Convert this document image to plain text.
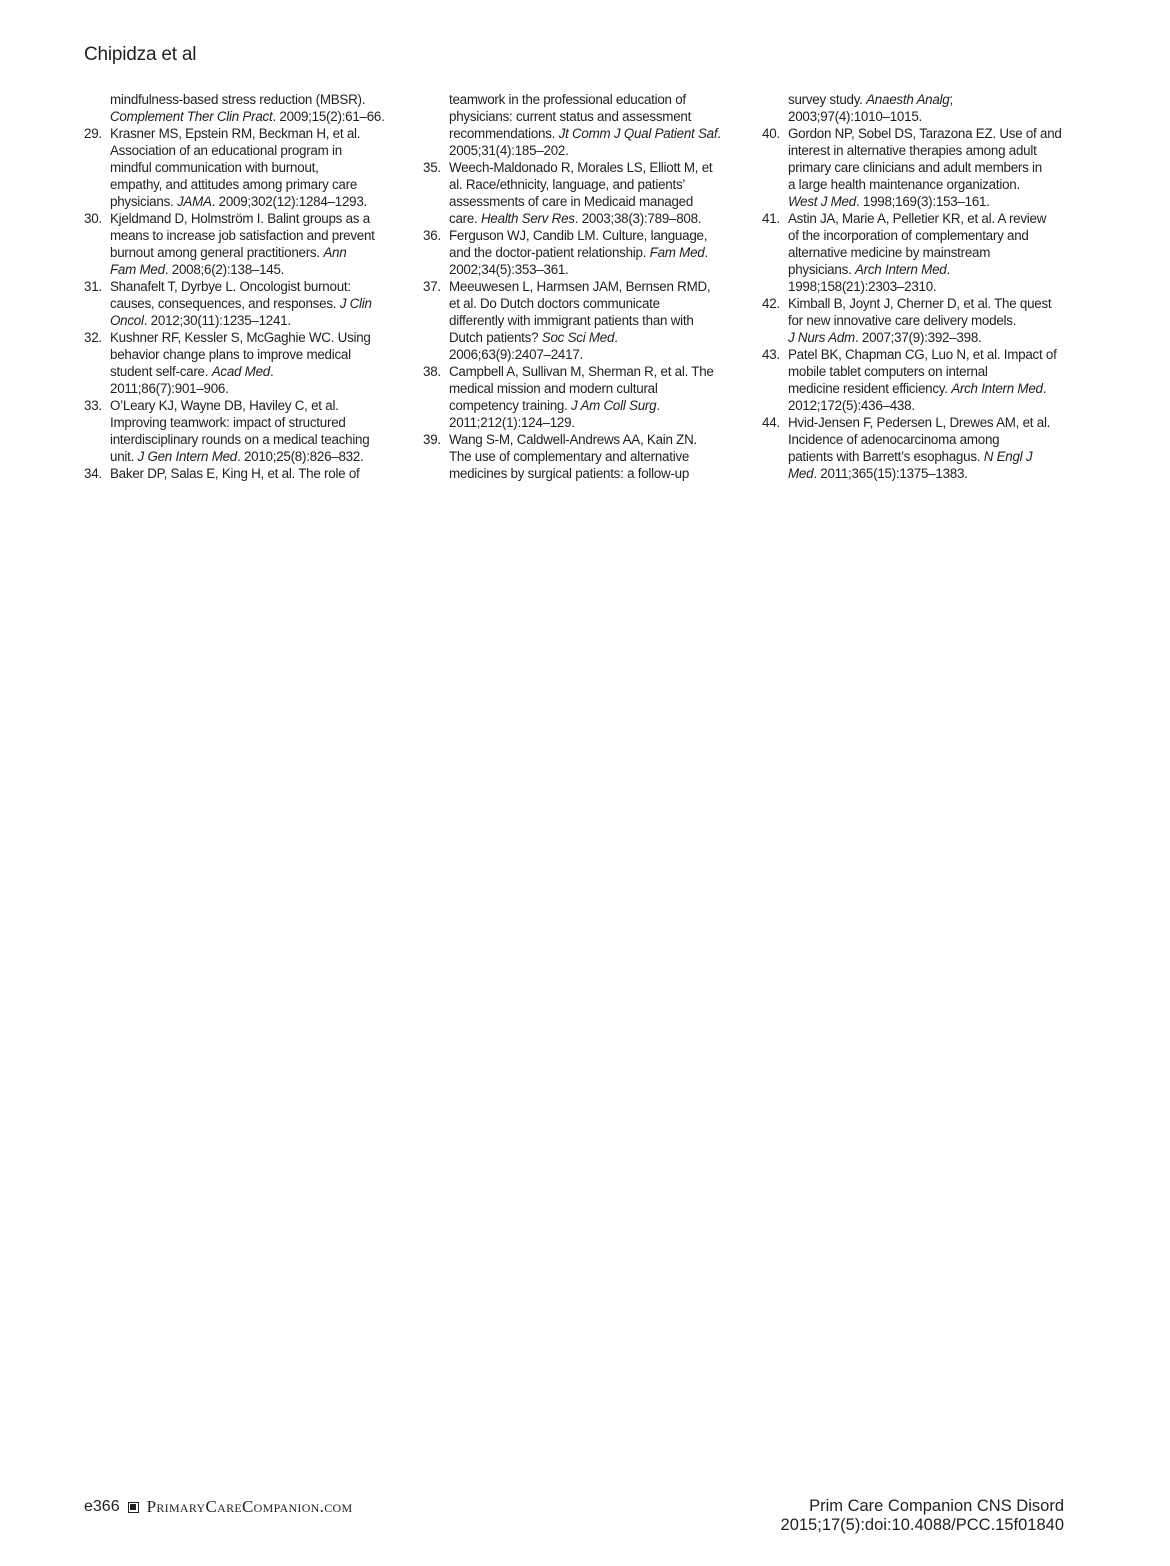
Chipidza et al
mindfulness-based stress reduction (MBSR).
Complement Ther Clin Pract. 2009;15(2):61–66.
29. Krasner MS, Epstein RM, Beckman H, et al.
Association of an educational program in
mindful communication with burnout,
empathy, and attitudes among primary care
physicians. JAMA. 2009;302(12):1284–1293.
30. Kjeldmand D, Holmström I. Balint groups as a
means to increase job satisfaction and prevent
burnout among general practitioners. Ann
Fam Med. 2008;6(2):138–145.
31. Shanafelt T, Dyrbye L. Oncologist burnout:
causes, consequences, and responses. J Clin
Oncol. 2012;30(11):1235–1241.
32. Kushner RF, Kessler S, McGaghie WC. Using
behavior change plans to improve medical
student self-care. Acad Med.
2011;86(7):901–906.
33. O’Leary KJ, Wayne DB, Haviley C, et al.
Improving teamwork: impact of structured
interdisciplinary rounds on a medical teaching
unit. J Gen Intern Med. 2010;25(8):826–832.
34. Baker DP, Salas E, King H, et al. The role of
teamwork in the professional education of
physicians: current status and assessment
recommendations. Jt Comm J Qual Patient Saf.
2005;31(4):185–202.
35. Weech-Maldonado R, Morales LS, Elliott M, et
al. Race/ethnicity, language, and patients’
assessments of care in Medicaid managed
care. Health Serv Res. 2003;38(3):789–808.
36. Ferguson WJ, Candib LM. Culture, language,
and the doctor-patient relationship. Fam Med.
2002;34(5):353–361.
37. Meeuwesen L, Harmsen JAM, Bernsen RMD,
et al. Do Dutch doctors communicate
differently with immigrant patients than with
Dutch patients? Soc Sci Med.
2006;63(9):2407–2417.
38. Campbell A, Sullivan M, Sherman R, et al. The
medical mission and modern cultural
competency training. J Am Coll Surg.
2011;212(1):124–129.
39. Wang S-M, Caldwell-Andrews AA, Kain ZN.
The use of complementary and alternative
medicines by surgical patients: a follow-up
survey study. Anaesth Analg;
2003;97(4):1010–1015.
40. Gordon NP, Sobel DS, Tarazona EZ. Use of and
interest in alternative therapies among adult
primary care clinicians and adult members in
a large health maintenance organization.
West J Med. 1998;169(3):153–161.
41. Astin JA, Marie A, Pelletier KR, et al. A review
of the incorporation of complementary and
alternative medicine by mainstream
physicians. Arch Intern Med.
1998;158(21):2303–2310.
42. Kimball B, Joynt J, Cherner D, et al. The quest
for new innovative care delivery models.
J Nurs Adm. 2007;37(9):392–398.
43. Patel BK, Chapman CG, Luo N, et al. Impact of
mobile tablet computers on internal
medicine resident efficiency. Arch Intern Med.
2012;172(5):436–438.
44. Hvid-Jensen F, Pedersen L, Drewes AM, et al.
Incidence of adenocarcinoma among
patients with Barrett’s esophagus. N Engl J
Med. 2011;365(15):1375–1383.
e366 PrimaryCareCompanion.com	Prim Care Companion CNS Disord
2015;17(5):doi:10.4088/PCC.15f01840
